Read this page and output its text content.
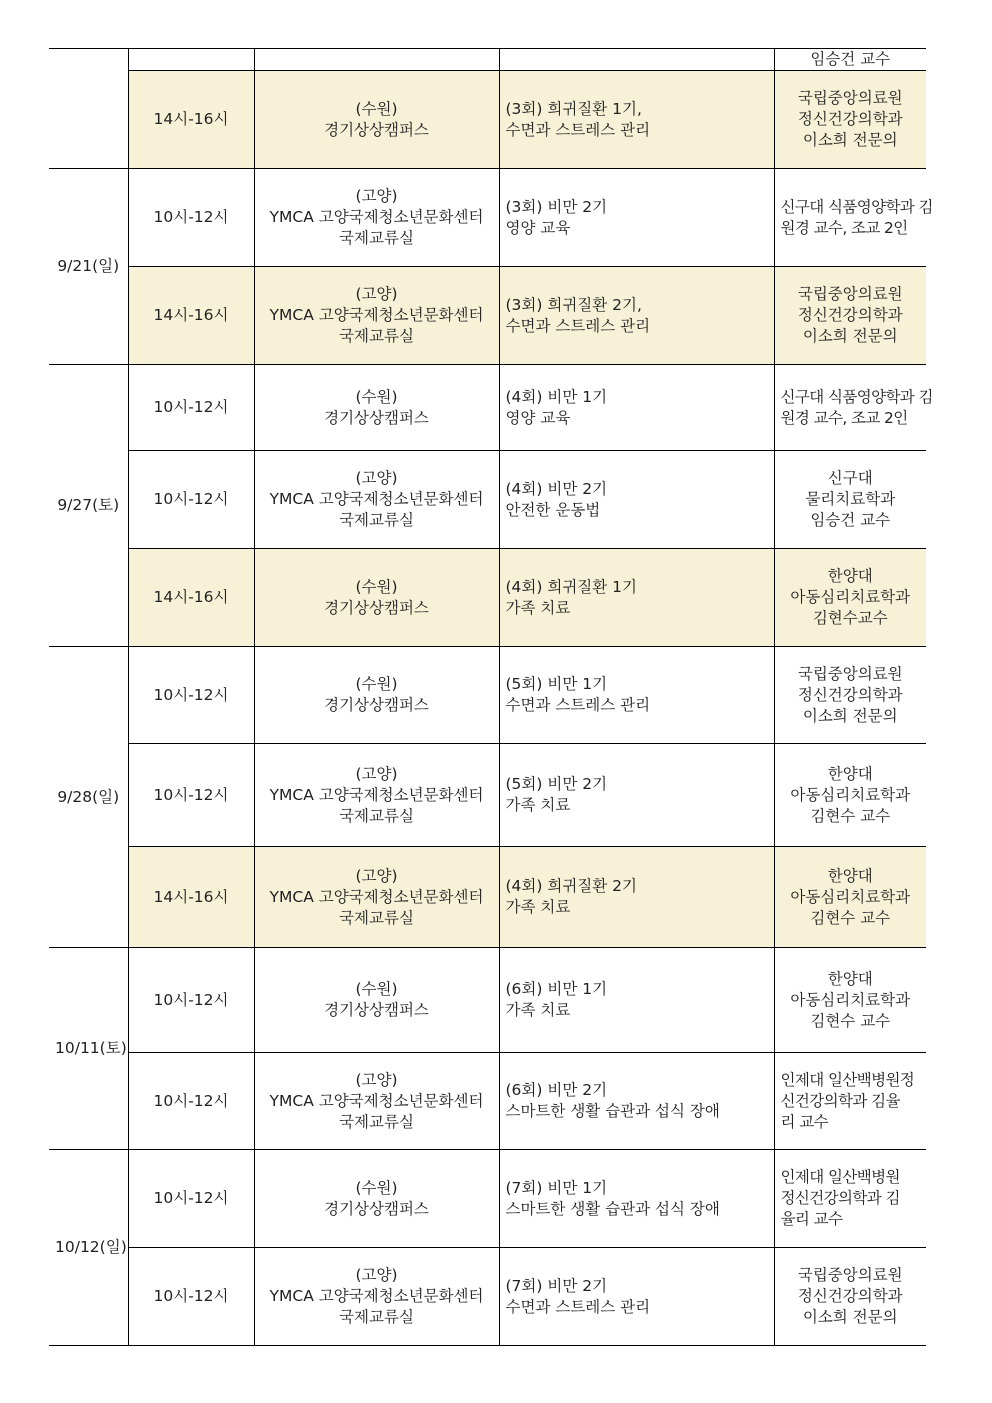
				임승건 교수

	14시-16시	(수원)
경기상상캠퍼스	(3회) 희귀질환 1기,
수면과 스트레스 관리	국립중앙의료원
정신건강의학과
이소희 전문의

9/21(일)	10시-12시	(고양)
YMCA 고양국제청소년문화센터
국제교류실	(3회) 비만 2기
영양 교육	신구대 식품영양학과 김
원경 교수, 조교 2인

	14시-16시	(고양)
YMCA 고양국제청소년문화센터
국제교류실	(3회) 희귀질환 2기,
수면과 스트레스 관리	국립중앙의료원
정신건강의학과
이소희 전문의

9/27(토)	10시-12시	(수원)
경기상상캠퍼스	(4회) 비만 1기
영양 교육	신구대 식품영양학과 김
원경 교수, 조교 2인

	10시-12시	(고양)
YMCA 고양국제청소년문화센터
국제교류실	(4회) 비만 2기
안전한 운동법	신구대
물리치료학과
임승건 교수

	14시-16시	(수원)
경기상상캠퍼스	(4회) 희귀질환 1기
가족 치료	한양대
아동심리치료학과
김현수교수

9/28(일)	10시-12시	(수원)
경기상상캠퍼스	(5회) 비만 1기
수면과 스트레스 관리	국립중앙의료원
정신건강의학과
이소희 전문의

	10시-12시	(고양)
YMCA 고양국제청소년문화센터
국제교류실	(5회) 비만 2기
가족 치료	한양대
아동심리치료학과
김현수 교수

	14시-16시	(고양)
YMCA 고양국제청소년문화센터
국제교류실	(4회) 희귀질환 2기
가족 치료	한양대
아동심리치료학과
김현수 교수

10/11(토)	10시-12시	(수원)
경기상상캠퍼스	(6회) 비만 1기
가족 치료	한양대
아동심리치료학과
김현수 교수

	10시-12시	(고양)
YMCA 고양국제청소년문화센터
국제교류실	(6회) 비만 2기
스마트한 생활 습관과 섭식 장애	인제대 일산백병원정
신건강의학과 김율
리 교수

10/12(일)	10시-12시	(수원)
경기상상캠퍼스	(7회) 비만 1기
스마트한 생활 습관과 섭식 장애	인제대 일산백병원
정신건강의학과 김
율리 교수

	10시-12시	(고양)
YMCA 고양국제청소년문화센터
국제교류실	(7회) 비만 2기
수면과 스트레스 관리	국립중앙의료원
정신건강의학과
이소희 전문의
